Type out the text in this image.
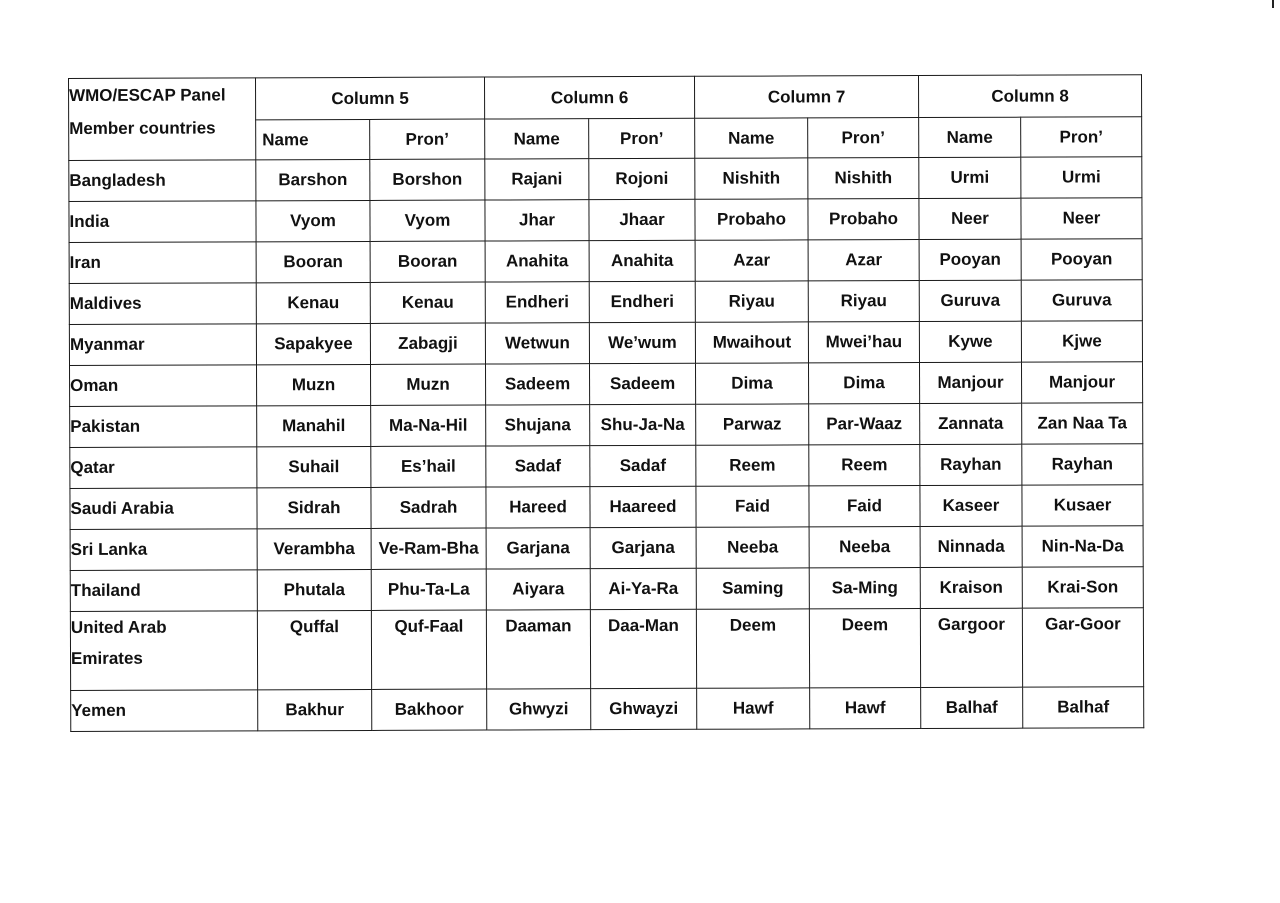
WMO/ESCAP Panel
Member countries	Column 5		Column 6		Column 7		Column 8	
	Name	Pron’	Name	Pron’	Name	Pron’	Name	Pron’
Bangladesh	Barshon	Borshon	Rajani	Rojoni	Nishith	Nishith	Urmi	Urmi
India	Vyom	Vyom	Jhar	Jhaar	Probaho	Probaho	Neer	Neer
Iran	Booran	Booran	Anahita	Anahita	Azar	Azar	Pooyan	Pooyan
Maldives	Kenau	Kenau	Endheri	Endheri	Riyau	Riyau	Guruva	Guruva
Myanmar	Sapakyee	Zabagji	Wetwun	We’wum	Mwaihout	Mwei’hau	Kywe	Kjwe
Oman	Muzn	Muzn	Sadeem	Sadeem	Dima	Dima	Manjour	Manjour
Pakistan	Manahil	Ma-Na-Hil	Shujana	Shu-Ja-Na	Parwaz	Par-Waaz	Zannata	Zan Naa Ta
Qatar	Suhail	Es’hail	Sadaf	Sadaf	Reem	Reem	Rayhan	Rayhan
Saudi Arabia	Sidrah	Sadrah	Hareed	Haareed	Faid	Faid	Kaseer	Kusaer
Sri Lanka	Verambha	Ve-Ram-Bha	Garjana	Garjana	Neeba	Neeba	Ninnada	Nin-Na-Da
Thailand	Phutala	Phu-Ta-La	Aiyara	Ai-Ya-Ra	Saming	Sa-Ming	Kraison	Krai-Son

United Arab
Emirates	Quffal	Quf-Faal	Daaman	Daa-Man	Deem	Deem	Gargoor	Gar-Goor
Yemen	Bakhur	Bakhoor	Ghwyzi	Ghwayzi	Hawf	Hawf	Balhaf	Balhaf
